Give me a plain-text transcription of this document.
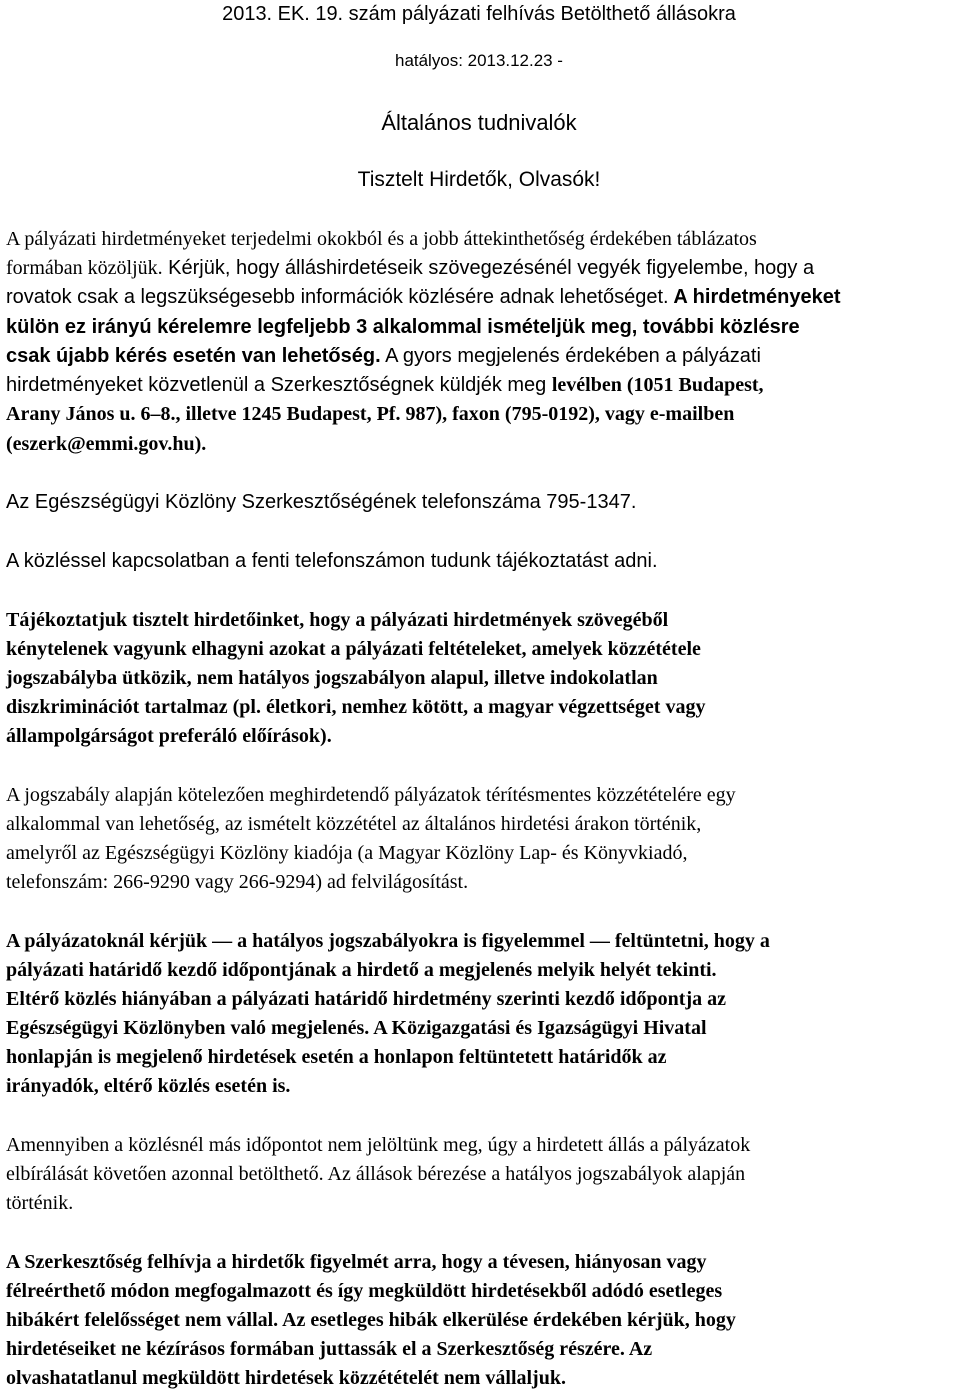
2013. EK. 19. szám pályázati felhívás Betölthető állásokra
hatályos: 2013.12.23 -
Általános tudnivalók
Tisztelt Hirdetők, Olvasók!
A pályázati hirdetményeket terjedelmi okokból és a jobb áttekinthetőség érdekében táblázatos
formában közöljük. Kérjük, hogy álláshirdetéseik szövegezésénél vegyék figyelembe, hogy a
rovatok csak a legszükségesebb információk közlésére adnak lehetőséget. A hirdetményeket
külön ez irányú kérelemre legfeljebb 3 alkalommal ismételjük meg, további közlésre
csak újabb kérés esetén van lehetőség. A gyors megjelenés érdekében a pályázati
hirdetményeket közvetlenül a Szerkesztőségnek küldjék meg levélben (1051 Budapest,
Arany János u. 6–8., illetve 1245 Budapest, Pf. 987), faxon (795-0192), vagy e-mailben
(eszerk@emmi.gov.hu).
Az Egészségügyi Közlöny Szerkesztőségének telefonszáma 795-1347.
A közléssel kapcsolatban a fenti telefonszámon tudunk tájékoztatást adni.
Tájékoztatjuk tisztelt hirdetőinket, hogy a pályázati hirdetmények szövegéből
kénytelenek vagyunk elhagyni azokat a pályázati feltételeket, amelyek közzététele
jogszabályba ütközik, nem hatályos jogszabályon alapul, illetve indokolatlan
diszkriminációt tartalmaz (pl. életkori, nemhez kötött, a magyar végzettséget vagy
állampolgárságot preferáló előírások).
A jogszabály alapján kötelezően meghirdetendő pályázatok térítésmentes közzétételére egy
alkalommal van lehetőség, az ismételt közzététel az általános hirdetési árakon történik,
amelyről az Egészségügyi Közlöny kiadója (a Magyar Közlöny Lap- és Könyvkiadó,
telefonszám: 266-9290 vagy 266-9294) ad felvilágosítást.
A pályázatoknál kérjük — a hatályos jogszabályokra is figyelemmel — feltüntetni, hogy a
pályázati határidő kezdő időpontjának a hirdető a megjelenés melyik helyét tekinti.
Eltérő közlés hiányában a pályázati határidő hirdetmény szerinti kezdő időpontja az
Egészségügyi Közlönyben való megjelenés. A Közigazgatási és Igazságügyi Hivatal
honlapján is megjelenő hirdetések esetén a honlapon feltüntetett határidők az
irányadók, eltérő közlés esetén is.
Amennyiben a közlésnél más időpontot nem jelöltünk meg, úgy a hirdetett állás a pályázatok
elbírálását követően azonnal betölthető. Az állások bérezése a hatályos jogszabályok alapján
történik.
A Szerkesztőség felhívja a hirdetők figyelmét arra, hogy a tévesen, hiányosan vagy
félreérthető módon megfogalmazott és így megküldött hirdetésekből adódó esetleges
hibákért felelősséget nem vállal. Az esetleges hibák elkerülése érdekében kérjük, hogy
hirdetéseiket ne kézírásos formában juttassák el a Szerkesztőség részére. Az
olvashatatlanul megküldött hirdetések közzétételét nem vállaljuk.
